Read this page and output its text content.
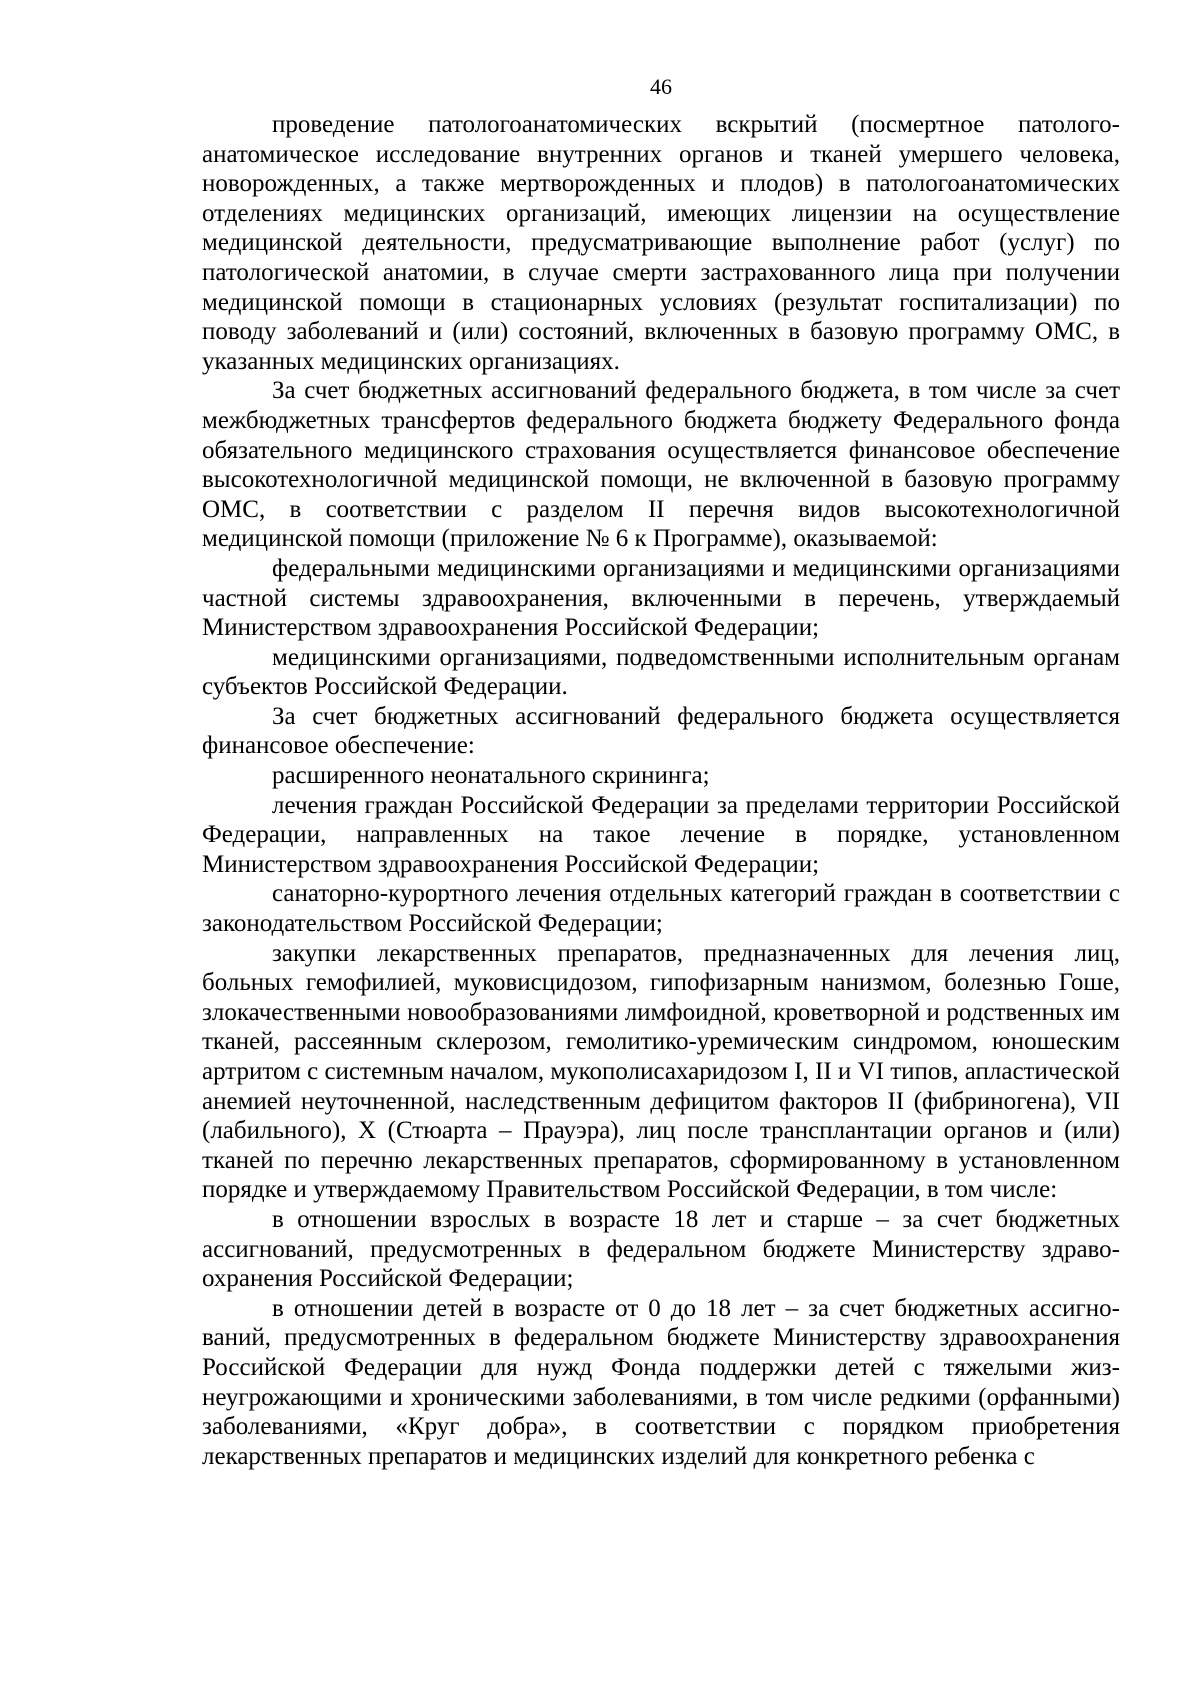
46

проведение патологоанатомических вскрытий (посмертное патологоанатомическое исследование внутренних органов и тканей умершего человека, новорожденных, а также мертворожденных и плодов) в патологоанатомических отделениях медицинских организаций, имеющих лицензии на осуществление медицинской деятельности, предусматривающие выполнение работ (услуг) по патологической анатомии, в случае смерти застрахованного лица при получении медицинской помощи в стационарных условиях (результат госпитализации) по поводу заболеваний и (или) состояний, включенных в базовую программу ОМС, в указанных медицинских организациях.

За счет бюджетных ассигнований федерального бюджета, в том числе за счет межбюджетных трансфертов федерального бюджета бюджету Федерального фонда обязательного медицинского страхования осуществляется финансовое обеспечение высокотехнологичной медицинской помощи, не включенной в базовую программу ОМС, в соответствии с разделом II перечня видов высокотехнологичной медицинской помощи (приложение № 6 к Программе), оказываемой:

федеральными медицинскими организациями и медицинскими организациями частной системы здравоохранения, включенными в перечень, утверждаемый Министерством здравоохранения Российской Федерации;

медицинскими организациями, подведомственными исполнительным органам субъектов Российской Федерации.

За счет бюджетных ассигнований федерального бюджета осуществляется финансовое обеспечение:

расширенного неонатального скрининга;

лечения граждан Российской Федерации за пределами территории Российской Федерации, направленных на такое лечение в порядке, установленном Министерством здравоохранения Российской Федерации;

санаторно-курортного лечения отдельных категорий граждан в соответствии с законодательством Российской Федерации;

закупки лекарственных препаратов, предназначенных для лечения лиц, больных гемофилией, муковисцидозом, гипофизарным нанизмом, болезнью Гоше, злокачественными новообразованиями лимфоидной, кроветворной и родственных им тканей, рассеянным склерозом, гемолитико-уремическим синдромом, юношеским артритом с системным началом, мукополисахаридозом I, II и VI типов, апластической анемией неуточненной, наследственным дефицитом факторов II (фибриногена), VII (лабильного), X (Стюарта – Прауэра), лиц после трансплантации органов и (или) тканей по перечню лекарственных препаратов, сформированному в установленном порядке и утверждаемому Правительством Российской Федерации, в том числе:

в отношении взрослых в возрасте 18 лет и старше – за счет бюджетных ассигнований, предусмотренных в федеральном бюджете Министерству здравоохранения Российской Федерации;

в отношении детей в возрасте от 0 до 18 лет – за счет бюджетных ассигнований, предусмотренных в федеральном бюджете Министерству здравоохранения Российской Федерации для нужд Фонда поддержки детей с тяжелыми жизнеугрожающими и хроническими заболеваниями, в том числе редкими (орфанными) заболеваниями, «Круг добра», в соответствии с порядком приобретения лекарственных препаратов и медицинских изделий для конкретного ребенка с
